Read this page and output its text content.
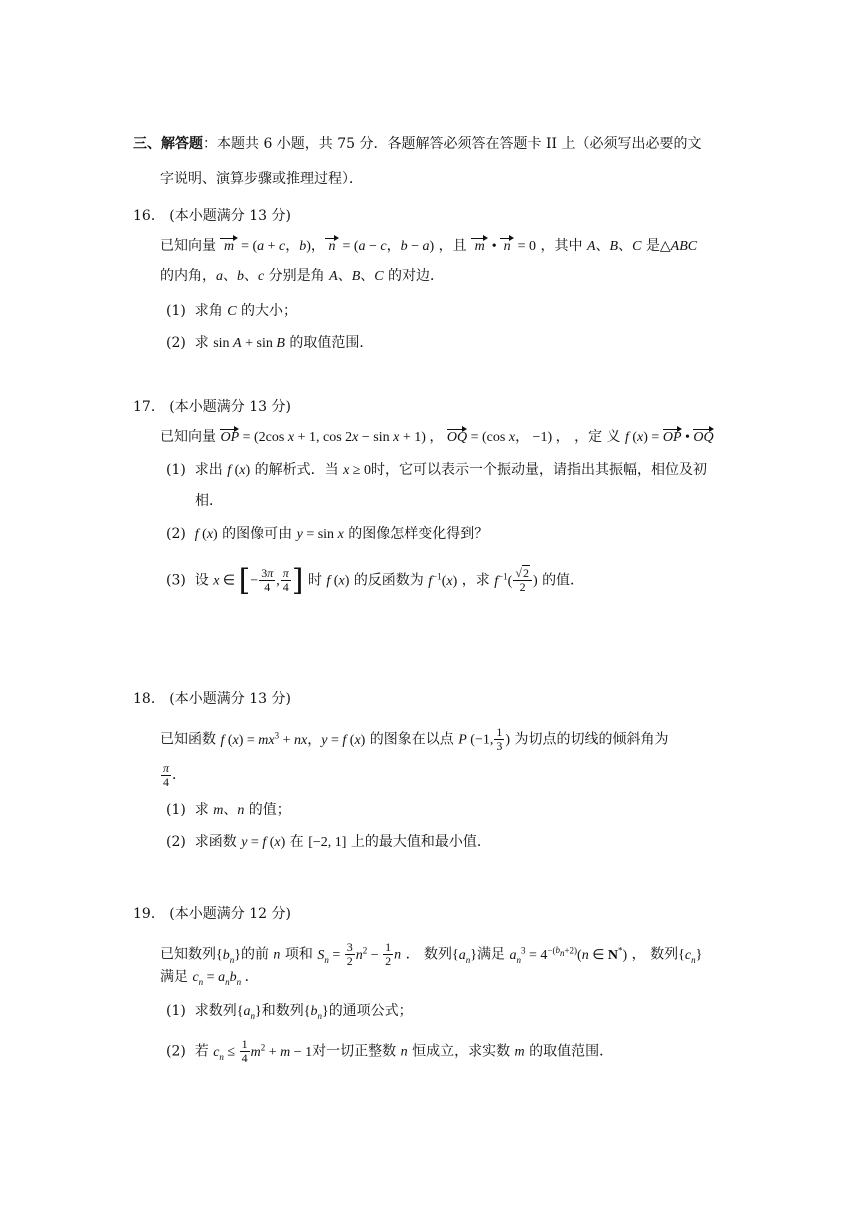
三、解答题：本题共 6 小题，共 75 分．各题解答必须答在答题卡 II 上（必须写出必要的文
字说明、演算步骤或推理过程）．
16． (本小题满分 13 分)
已知向量  m  = (a + c，b)， n  = (a − c，b − a) ，且  m  •  n  = 0 ，其中 A、B、C 是△ABC
的内角，a、b、c 分别是角 A、B、C 的对边．
(1) 求角 C 的大小；
(2) 求 sin A + sin B 的取值范围．
17． (本小题满分 13 分)
已知向量 OP = (2cos x + 1, cos 2x − sin x + 1) ， OQ = (cos x， −1) ， ，定 义 f (x) = OP • OQ
(1) 求出 f (x) 的解析式．当 x ≥ 0时，它可以表示一个振动量，请指出其振幅，相位及初
相．
(2) f (x) 的图像可由 y = sin x 的图像怎样变化得到？
(3) 设 x ∈ [− $\frac{3\pi}{4}$ , $\frac{\pi}{4}$ ] 时 f (x) 的反函数为 $f^{-1}(x)$ ，求 $f^{-1}( \frac{√2}{2}$ ) 的值．
18． (本小题满分 13 分)
已知函数 f $(x) = mx^3$ + nx，y = f (x) 的图象在以点 P (−1, $\frac{1}{3}$ ) 为切点的切线的倾斜角为
$\frac{\pi}{4}$ ．
(1) 求 m、n 的值；
(2) 求函数 y = f (x) 在 [−2, 1] 上的最大值和最小值．
19． (本小题满分 12 分)
已知数列$\{b_n\}$的前 n 项和 $S_n = \frac{3}{2} n^2 - \frac{1}{2}$ n ． 数列$\{a_n\}$满足 $a_n^3 = 4^{-(b_n+2)}(n$ ∈ N*) ， 数列$\{c_n\}$
满足 $c_n = a_nb_n$ ．
(1) 求数列$\{a_n\}$和数列$\{b_n\}$的通项公式；
(2) 若 $c_n \le \frac{1}{4} m^2 + m - 1$对一切正整数 n 恒成立，求实数 m 的取值范围．
